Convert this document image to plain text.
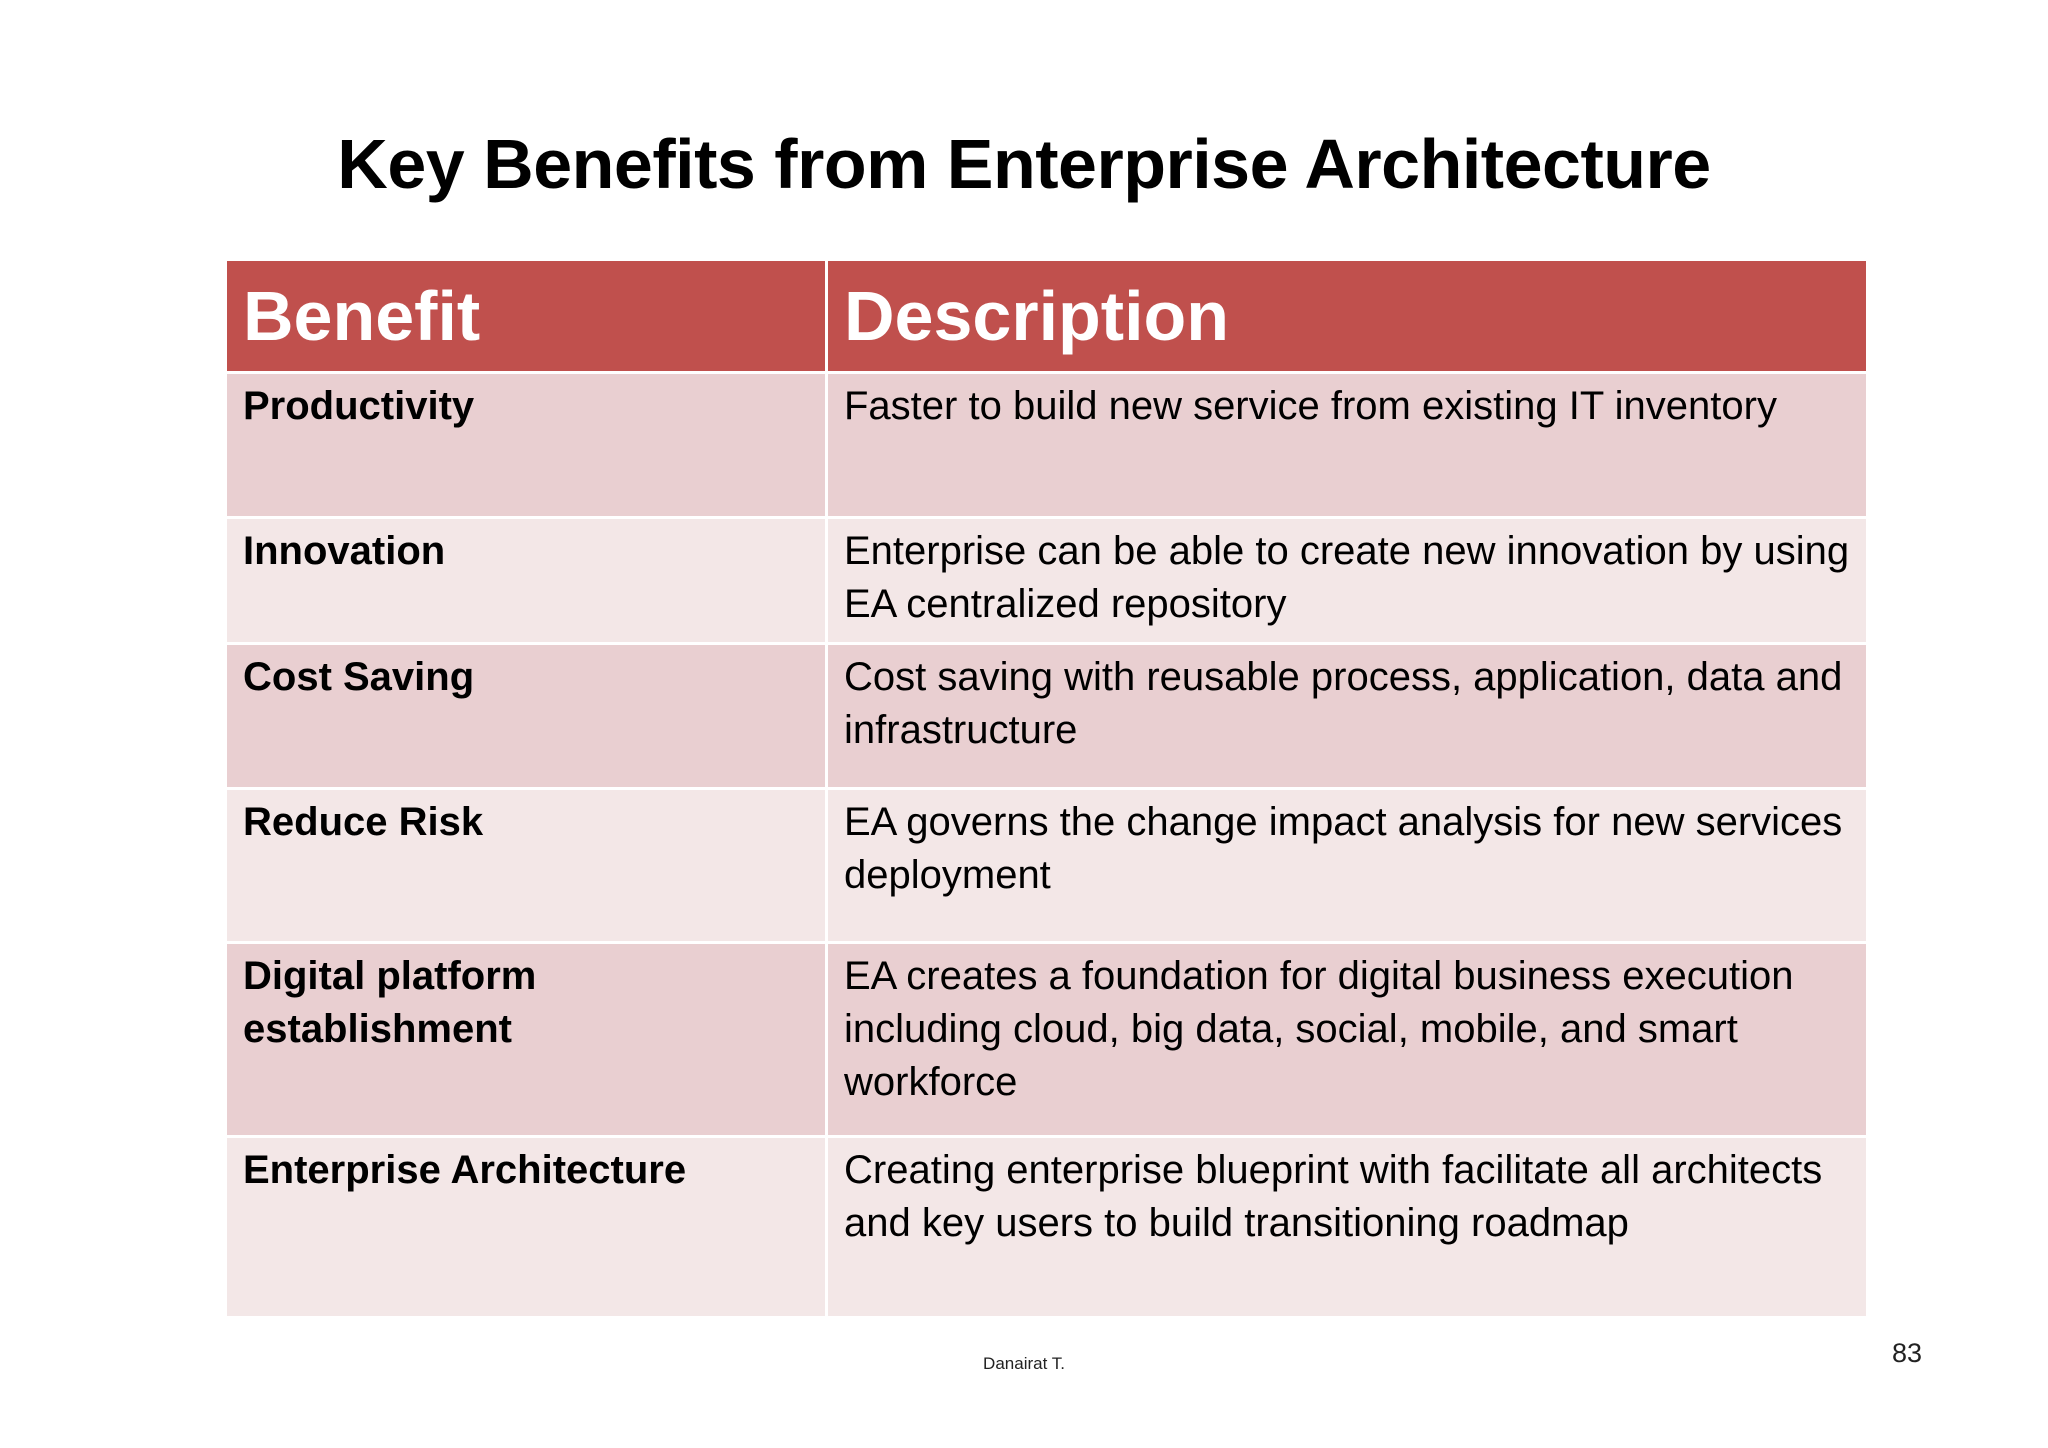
Key Benefits from Enterprise Architecture
Benefit	Description
Productivity	Faster to build new service from existing IT inventory
Innovation	Enterprise can be able to create new innovation by using EA centralized repository
Cost Saving	Cost saving with reusable process, application, data and infrastructure
Reduce Risk	EA governs the change impact analysis for new services deployment
Digital platform establishment	EA creates a foundation for digital business execution including cloud, big data, social, mobile, and smart workforce
Enterprise Architecture	Creating enterprise blueprint with facilitate all architects and key users to build transitioning roadmap
Danairat T.	83
